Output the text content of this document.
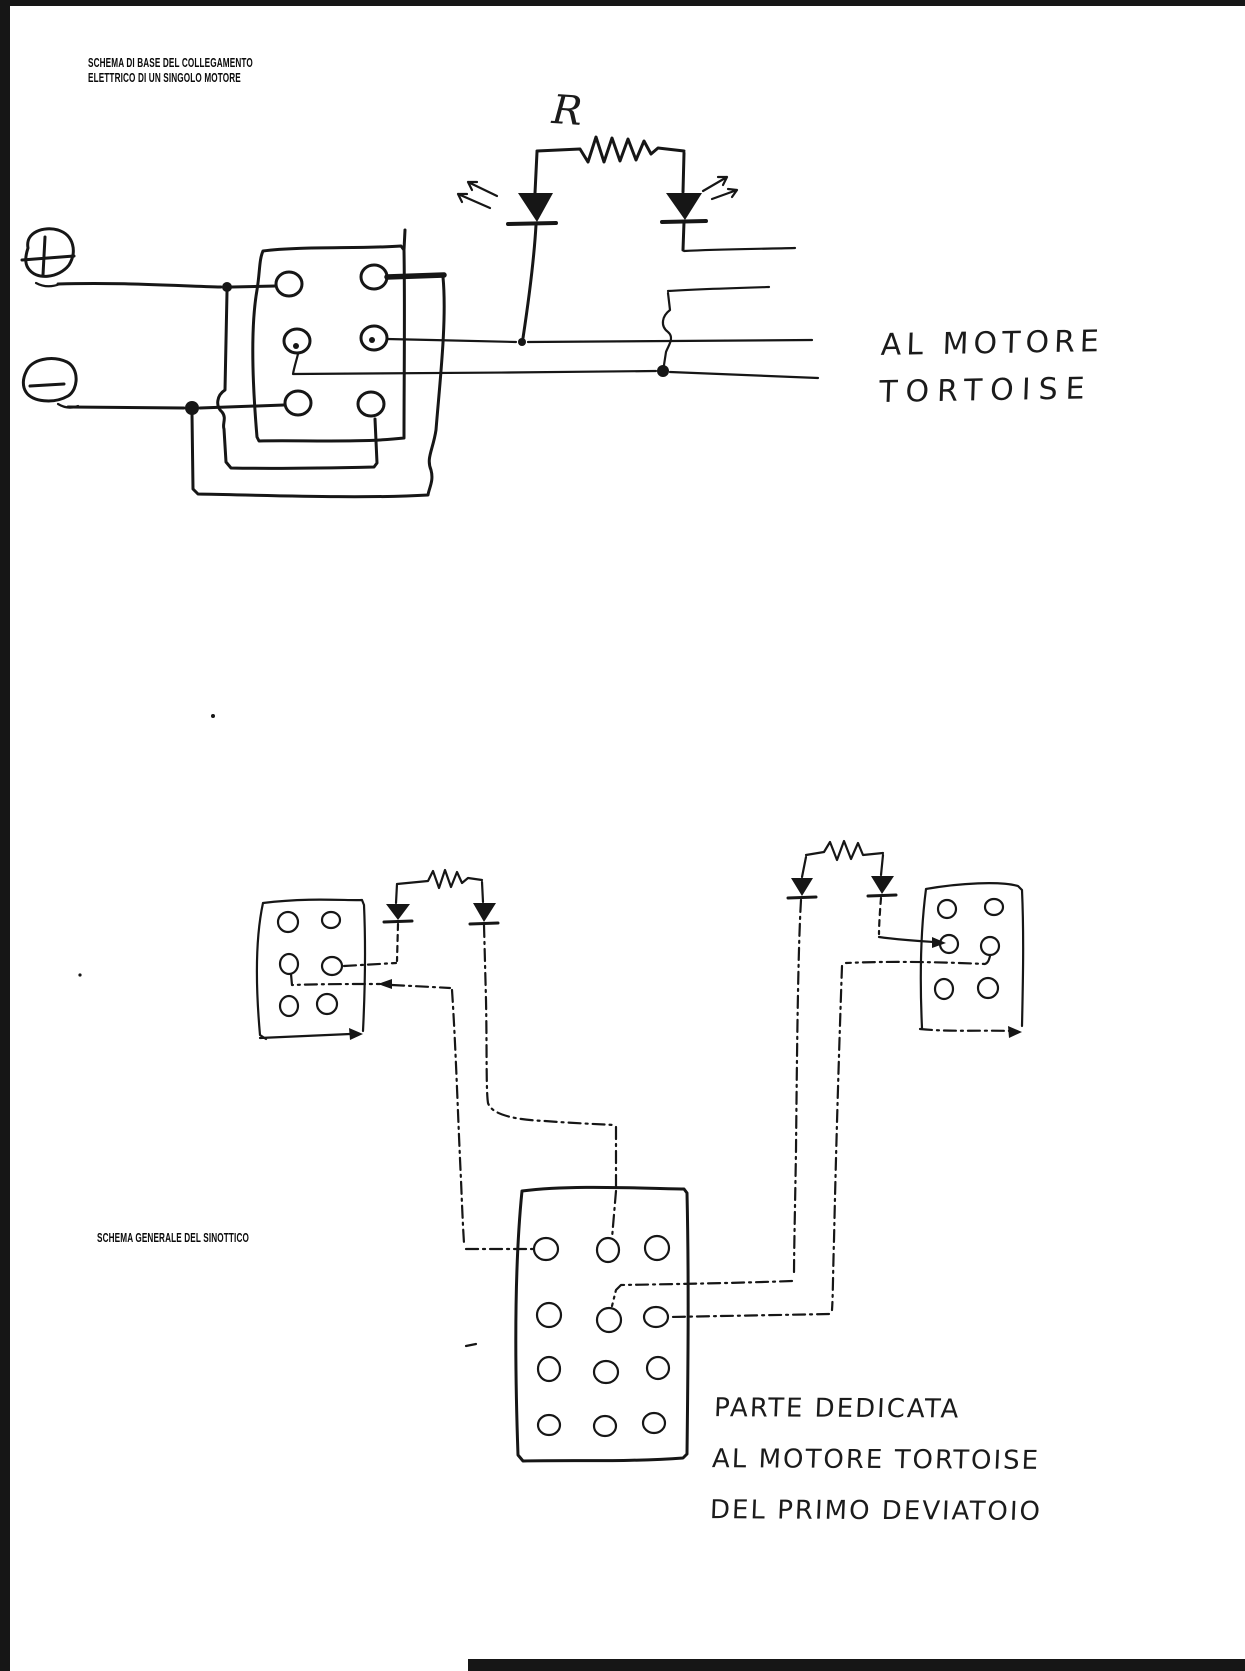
SCHEMA DI BASE DEL COLLEGAMENTO
ELETTRICO DI UN SINGOLO MOTORE
SCHEMA GENERALE DEL SINOTTICO
R
AL MOTORE
TORTOISE
PARTE DEDICATA
AL MOTORE TORTOISE
DEL PRIMO DEVIATOIO
